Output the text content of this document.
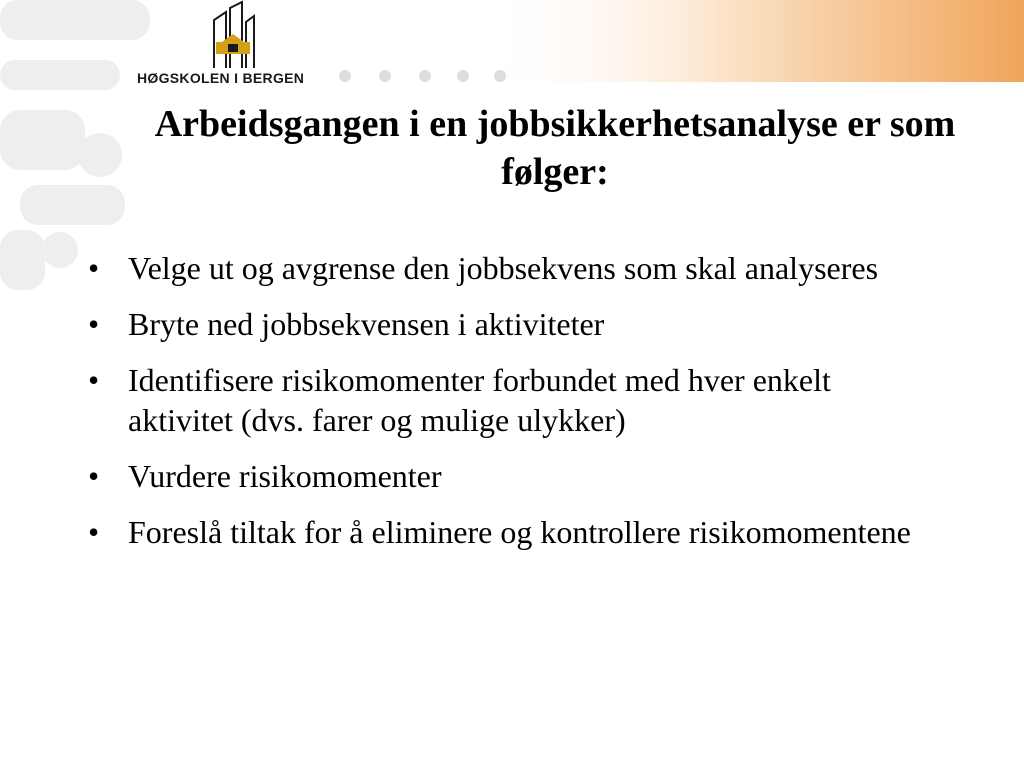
HØGSKOLEN I BERGEN
Arbeidsgangen i en jobbsikkerhetsanalyse er som følger:
• Velge ut og avgrense den jobbsekvens som skal analyseres
• Bryte ned jobbsekvensen i aktiviteter
• Identifisere risikomomenter forbundet med hver enkelt aktivitet (dvs. farer og mulige ulykker)
• Vurdere risikomomenter
• Foreslå tiltak for å eliminere og kontrollere risikomomentene
